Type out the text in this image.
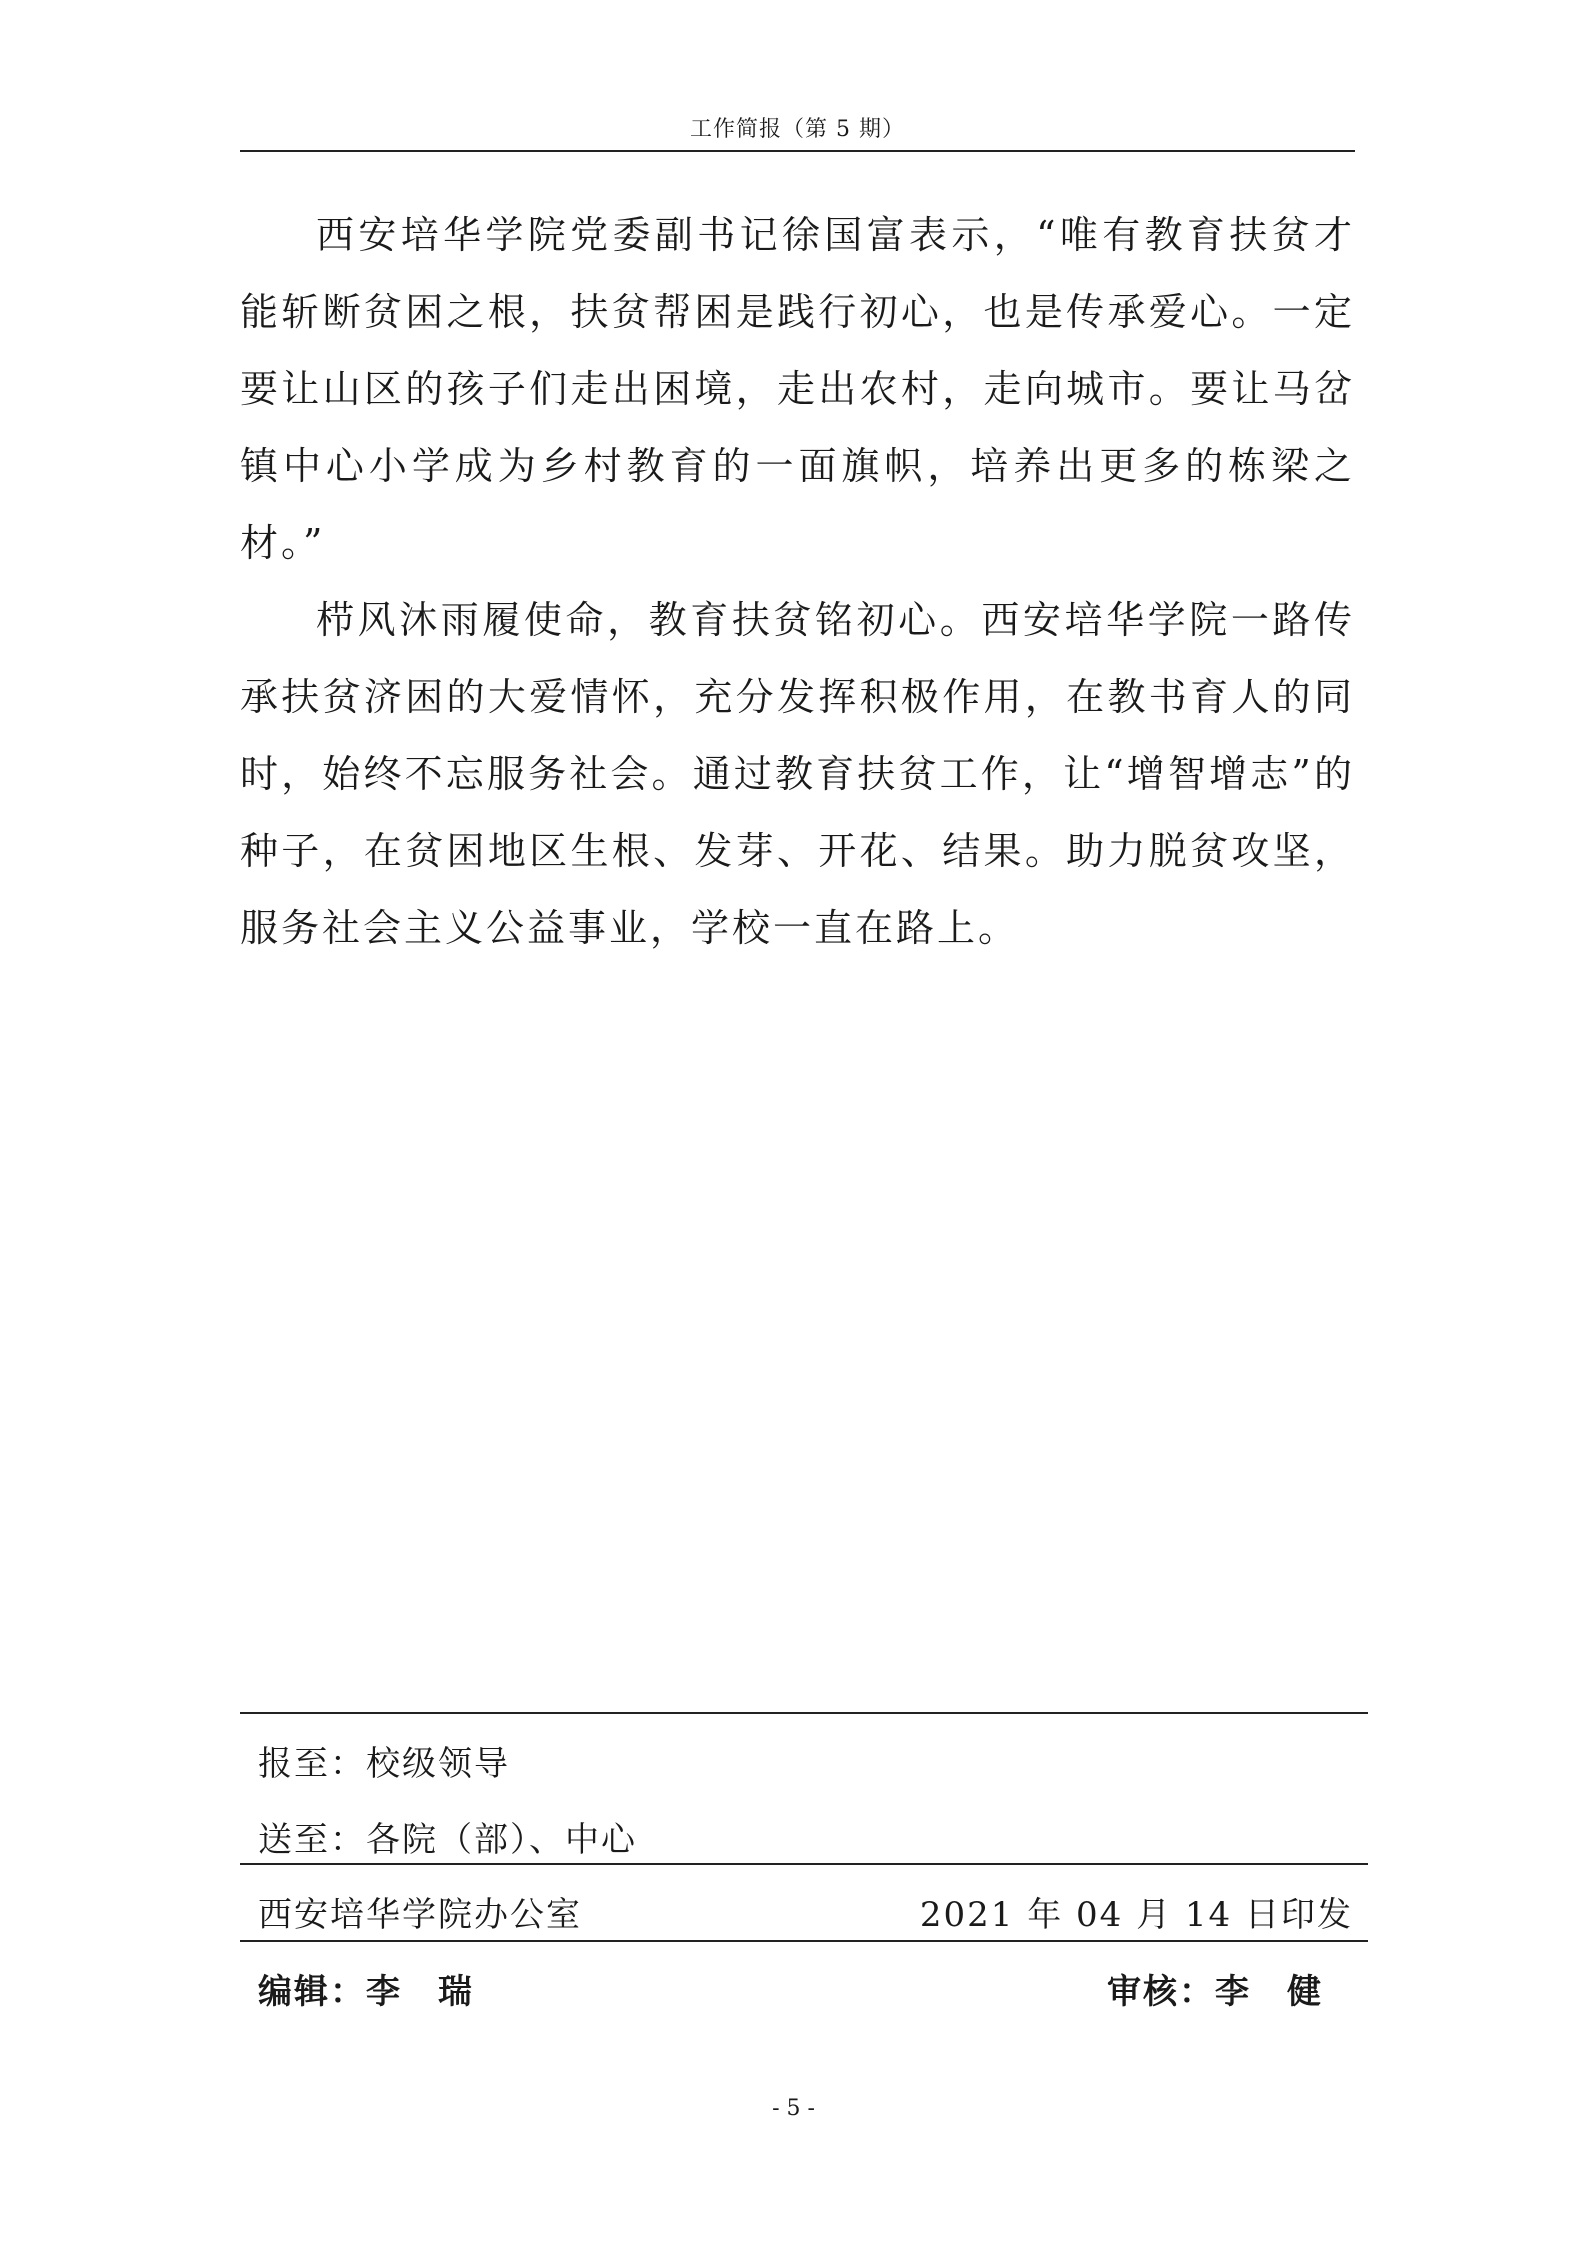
工作简报（第 5 期）

西安培华学院党委副书记徐国富表示，“唯有教育扶贫才能斩断贫困之根，扶贫帮困是践行初心，也是传承爱心。一定要让山区的孩子们走出困境，走出农村，走向城市。要让马岔镇中心小学成为乡村教育的一面旗帜，培养出更多的栋梁之材。”

栉风沐雨履使命，教育扶贫铭初心。西安培华学院一路传承扶贫济困的大爱情怀，充分发挥积极作用，在教书育人的同时，始终不忘服务社会。通过教育扶贫工作，让“增智增志”的种子，在贫困地区生根、发芽、开花、结果。助力脱贫攻坚，服务社会主义公益事业，学校一直在路上。

报至：校级领导
送至：各院（部）、中心
西安培华学院办公室	2021 年 04 月 14 日印发
编辑：李　瑞	审核：李　健
- 5 -
